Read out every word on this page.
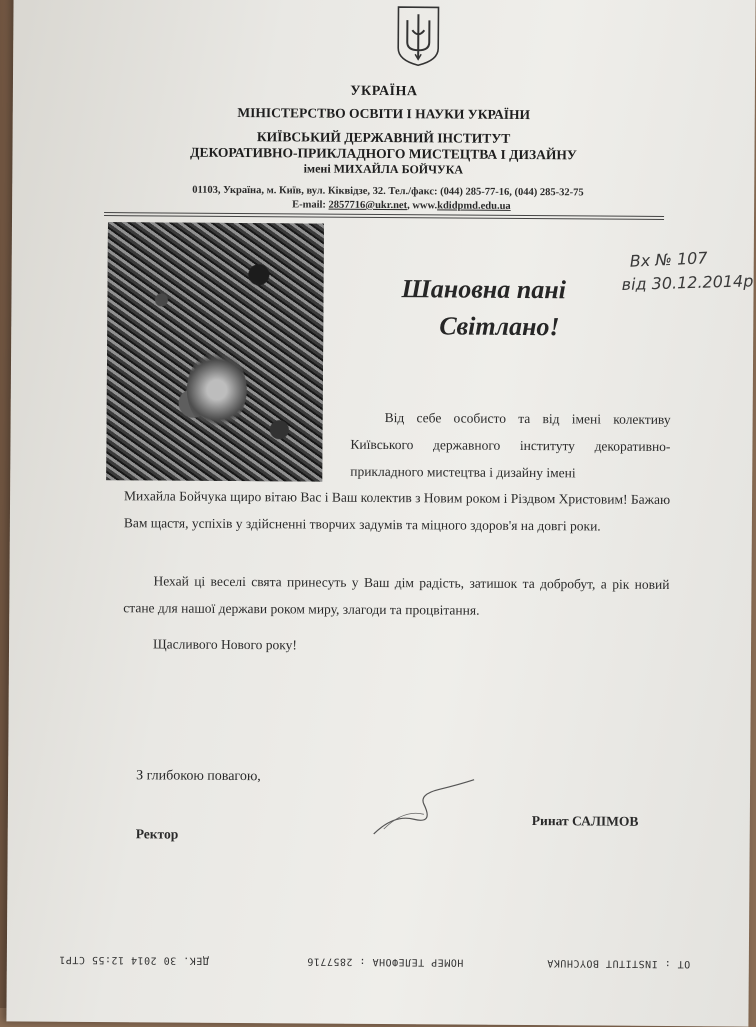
УКРАЇНА
МІНІСТЕРСТВО ОСВІТИ І НАУКИ УКРАЇНИ
КИЇВСЬКИЙ ДЕРЖАВНИЙ ІНСТИТУТ
ДЕКОРАТИВНО-ПРИКЛАДНОГО МИСТЕЦТВА І ДИЗАЙНУ
імені МИХАЙЛА БОЙЧУКА
01103, Україна, м. Київ, вул. Кіквідзе, 32. Тел./факс: (044) 285-77-16, (044) 285-32-75
E-mail: 2857716@ukr.net, www.kdidpmd.edu.ua
Вх № 107
від 30.12.2014р
Шановна пані
Світлано!
Від себе особисто та від імені колективу Київського державного інституту декоративно-прикладного мистецтва і дизайну імені
Михайла Бойчука щиро вітаю Вас і Ваш колектив з Новим роком і Різдвом Христовим! Бажаю Вам щастя, успіхів у здійсненні творчих задумів та міцного здоров'я на довгі роки.
Нехай ці веселі свята принесуть у Ваш дім радість, затишок та добробут, а рік новий стане для нашої держави роком миру, злагоди та процвітання.
Щасливого Нового року!
З глибокою повагою,
Ректор
Ринат САЛІМОВ
ДЕК. 30 2014 12:55 СТР1	НОМЕР ТЕЛЕФОНА : 2857716	ОТ : INSTITUT BOYCHUKA
